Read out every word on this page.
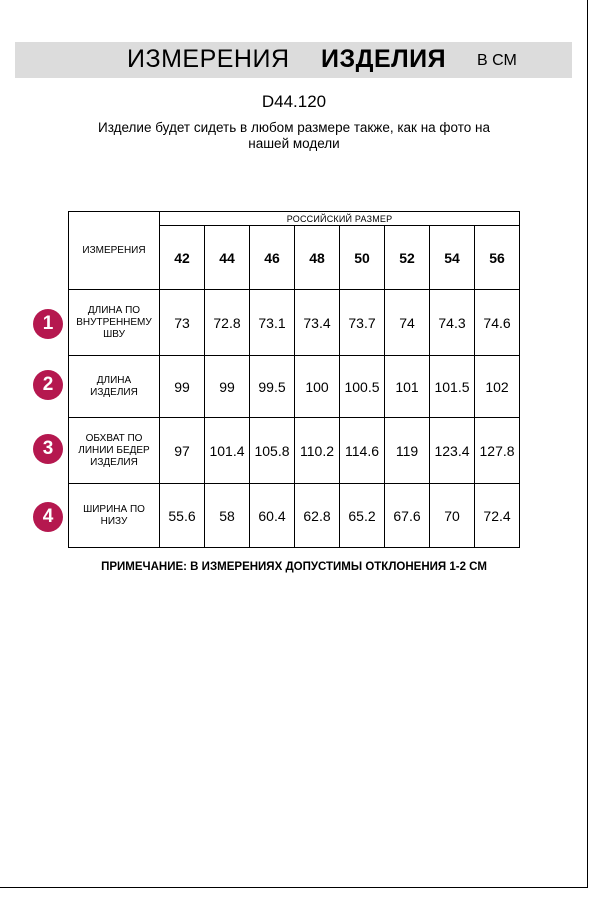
ИЗМЕРЕНИЯ ИЗДЕЛИЯ В СМ
D44.120
Изделие будет сидеть в любом размере также, как на фото на нашей модели
ИЗМЕРЕНИЯ	РОССИЙСКИЙ РАЗМЕР							
	42	44	46	48	50	52	54	56
ДЛИНА ПО ВНУТРЕННЕМУ ШВУ	73	72.8	73.1	73.4	73.7	74	74.3	74.6
ДЛИНА ИЗДЕЛИЯ	99	99	99.5	100	100.5	101	101.5	102
ОБХВАТ ПО ЛИНИИ БЕДЕР ИЗДЕЛИЯ	97	101.4	105.8	110.2	114.6	119	123.4	127.8
ШИРИНА ПО НИЗУ	55.6	58	60.4	62.8	65.2	67.6	70	72.4
1
2
3
4
ПРИМЕЧАНИЕ: В ИЗМЕРЕНИЯХ ДОПУСТИМЫ ОТКЛОНЕНИЯ 1-2 СМ
